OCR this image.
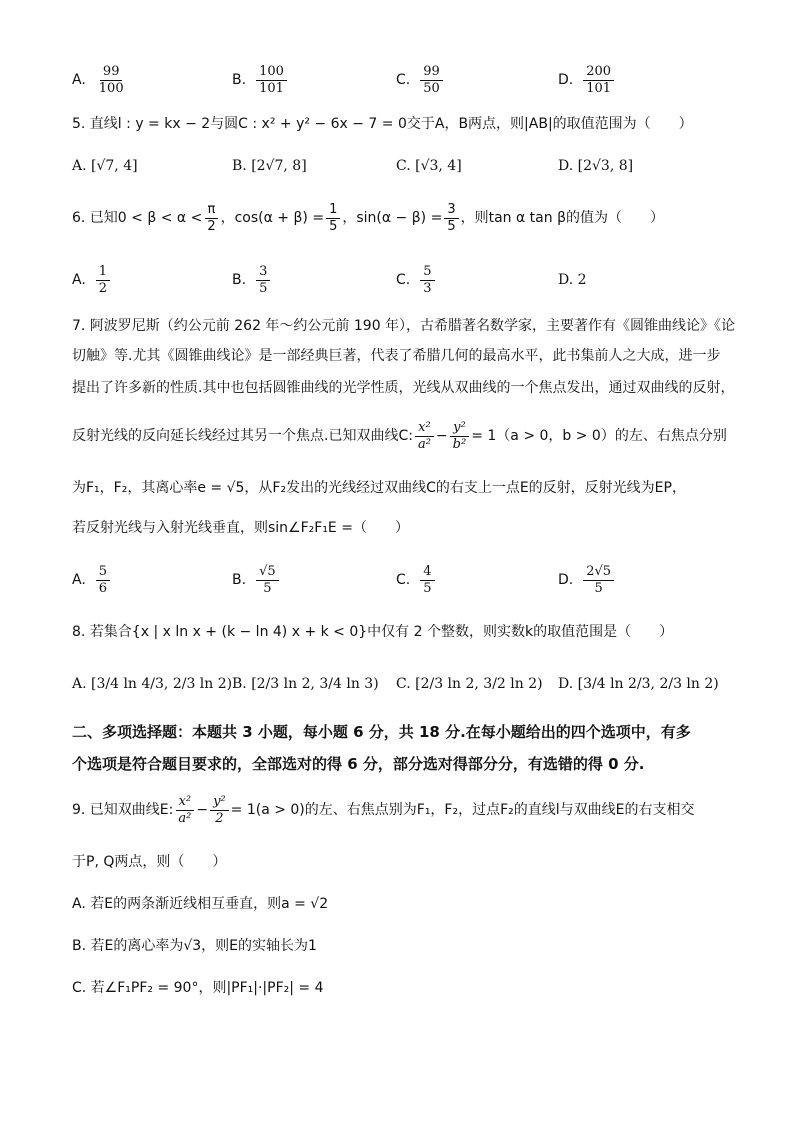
A. $\frac{99}{100}$	B. $\frac{100}{101}$	C. $\frac{99}{50}$	D. $\frac{200}{101}$
5. 直线l : y = kx − 2与圆C : x² + y² − 6x − 7 = 0交于A，B两点，则|AB|的取值范围为（　　）
A. [√7, 4]	B. [2√7, 8]	C. [√3, 4]	D. [2√3, 8]
6. 已知$0 < \beta < \alpha < \frac{\pi}{2}$ ，$\cos(\alpha + \beta) = \frac{1}{5}$ ，$\sin(\alpha - \beta) = \frac{3}{5}$ ，则tan α tan β的值为（　　）
A. $\frac{1}{2}$	B. $\frac{3}{5}$	C. $\frac{5}{3}$	D. 2
7. 阿波罗尼斯（约公元前 262 年～约公元前 190 年），古希腊著名数学家，主要著作有《圆锥曲线论》《论
切触》等.尤其《圆锥曲线论》是一部经典巨著，代表了希腊几何的最高水平，此书集前人之大成，进一步
提出了许多新的性质.其中也包括圆锥曲线的光学性质，光线从双曲线的一个焦点发出，通过双曲线的反射，
反射光线的反向延长线经过其另一个焦点.已知双曲线C: $\frac{\text{x²}}{\text{a²}} - \frac{\text{y²}}{\text{b²}} = 1(a > 0$，b > 0）的左、右焦点分别
为F₁，F₂，其离心率e = √5，从F₂发出的光线经过双曲线C的右支上一点E的反射，反射光线为EP，
若反射光线与入射光线垂直，则sin∠F₂F₁E =（　　）
A. $\frac{5}{6}$	B. $\frac{√5}{5}$	C. $\frac{4}{5}$	D. $\frac{2√5}{5}$
8. 若集合{x | x ln x + (k − ln 4) x + k < 0}中仅有 2 个整数，则实数k的取值范围是（　　）
A. [3/4 ln 4/3, 2/3 ln 2) B. [2/3 ln 2, 3/4 ln 3) C. [2/3 ln 2, 3/2 ln 2) D. [3/4 ln 2/3, 2/3 ln 2)
二、多项选择题：本题共 3 小题，每小题 6 分，共 18 分.在每小题给出的四个选项中，有多
个选项是符合题目要求的，全部选对的得 6 分，部分选对得部分分，有选错的得 0 分.
9. 已知双曲线E: $\frac{\text{x²}}{\text{a²}} - \frac{\text{y²}}{2} = 1(a > 0)$的左、右焦点别为F₁，F₂，过点F₂的直线l与双曲线E的右支相交
于P, Q两点，则（　　）
A. 若E的两条渐近线相互垂直，则a = √2
B. 若E的离心率为√3，则E的实轴长为1
C. 若∠F₁PF₂ = 90°，则|PF₁|·|PF₂| = 4
